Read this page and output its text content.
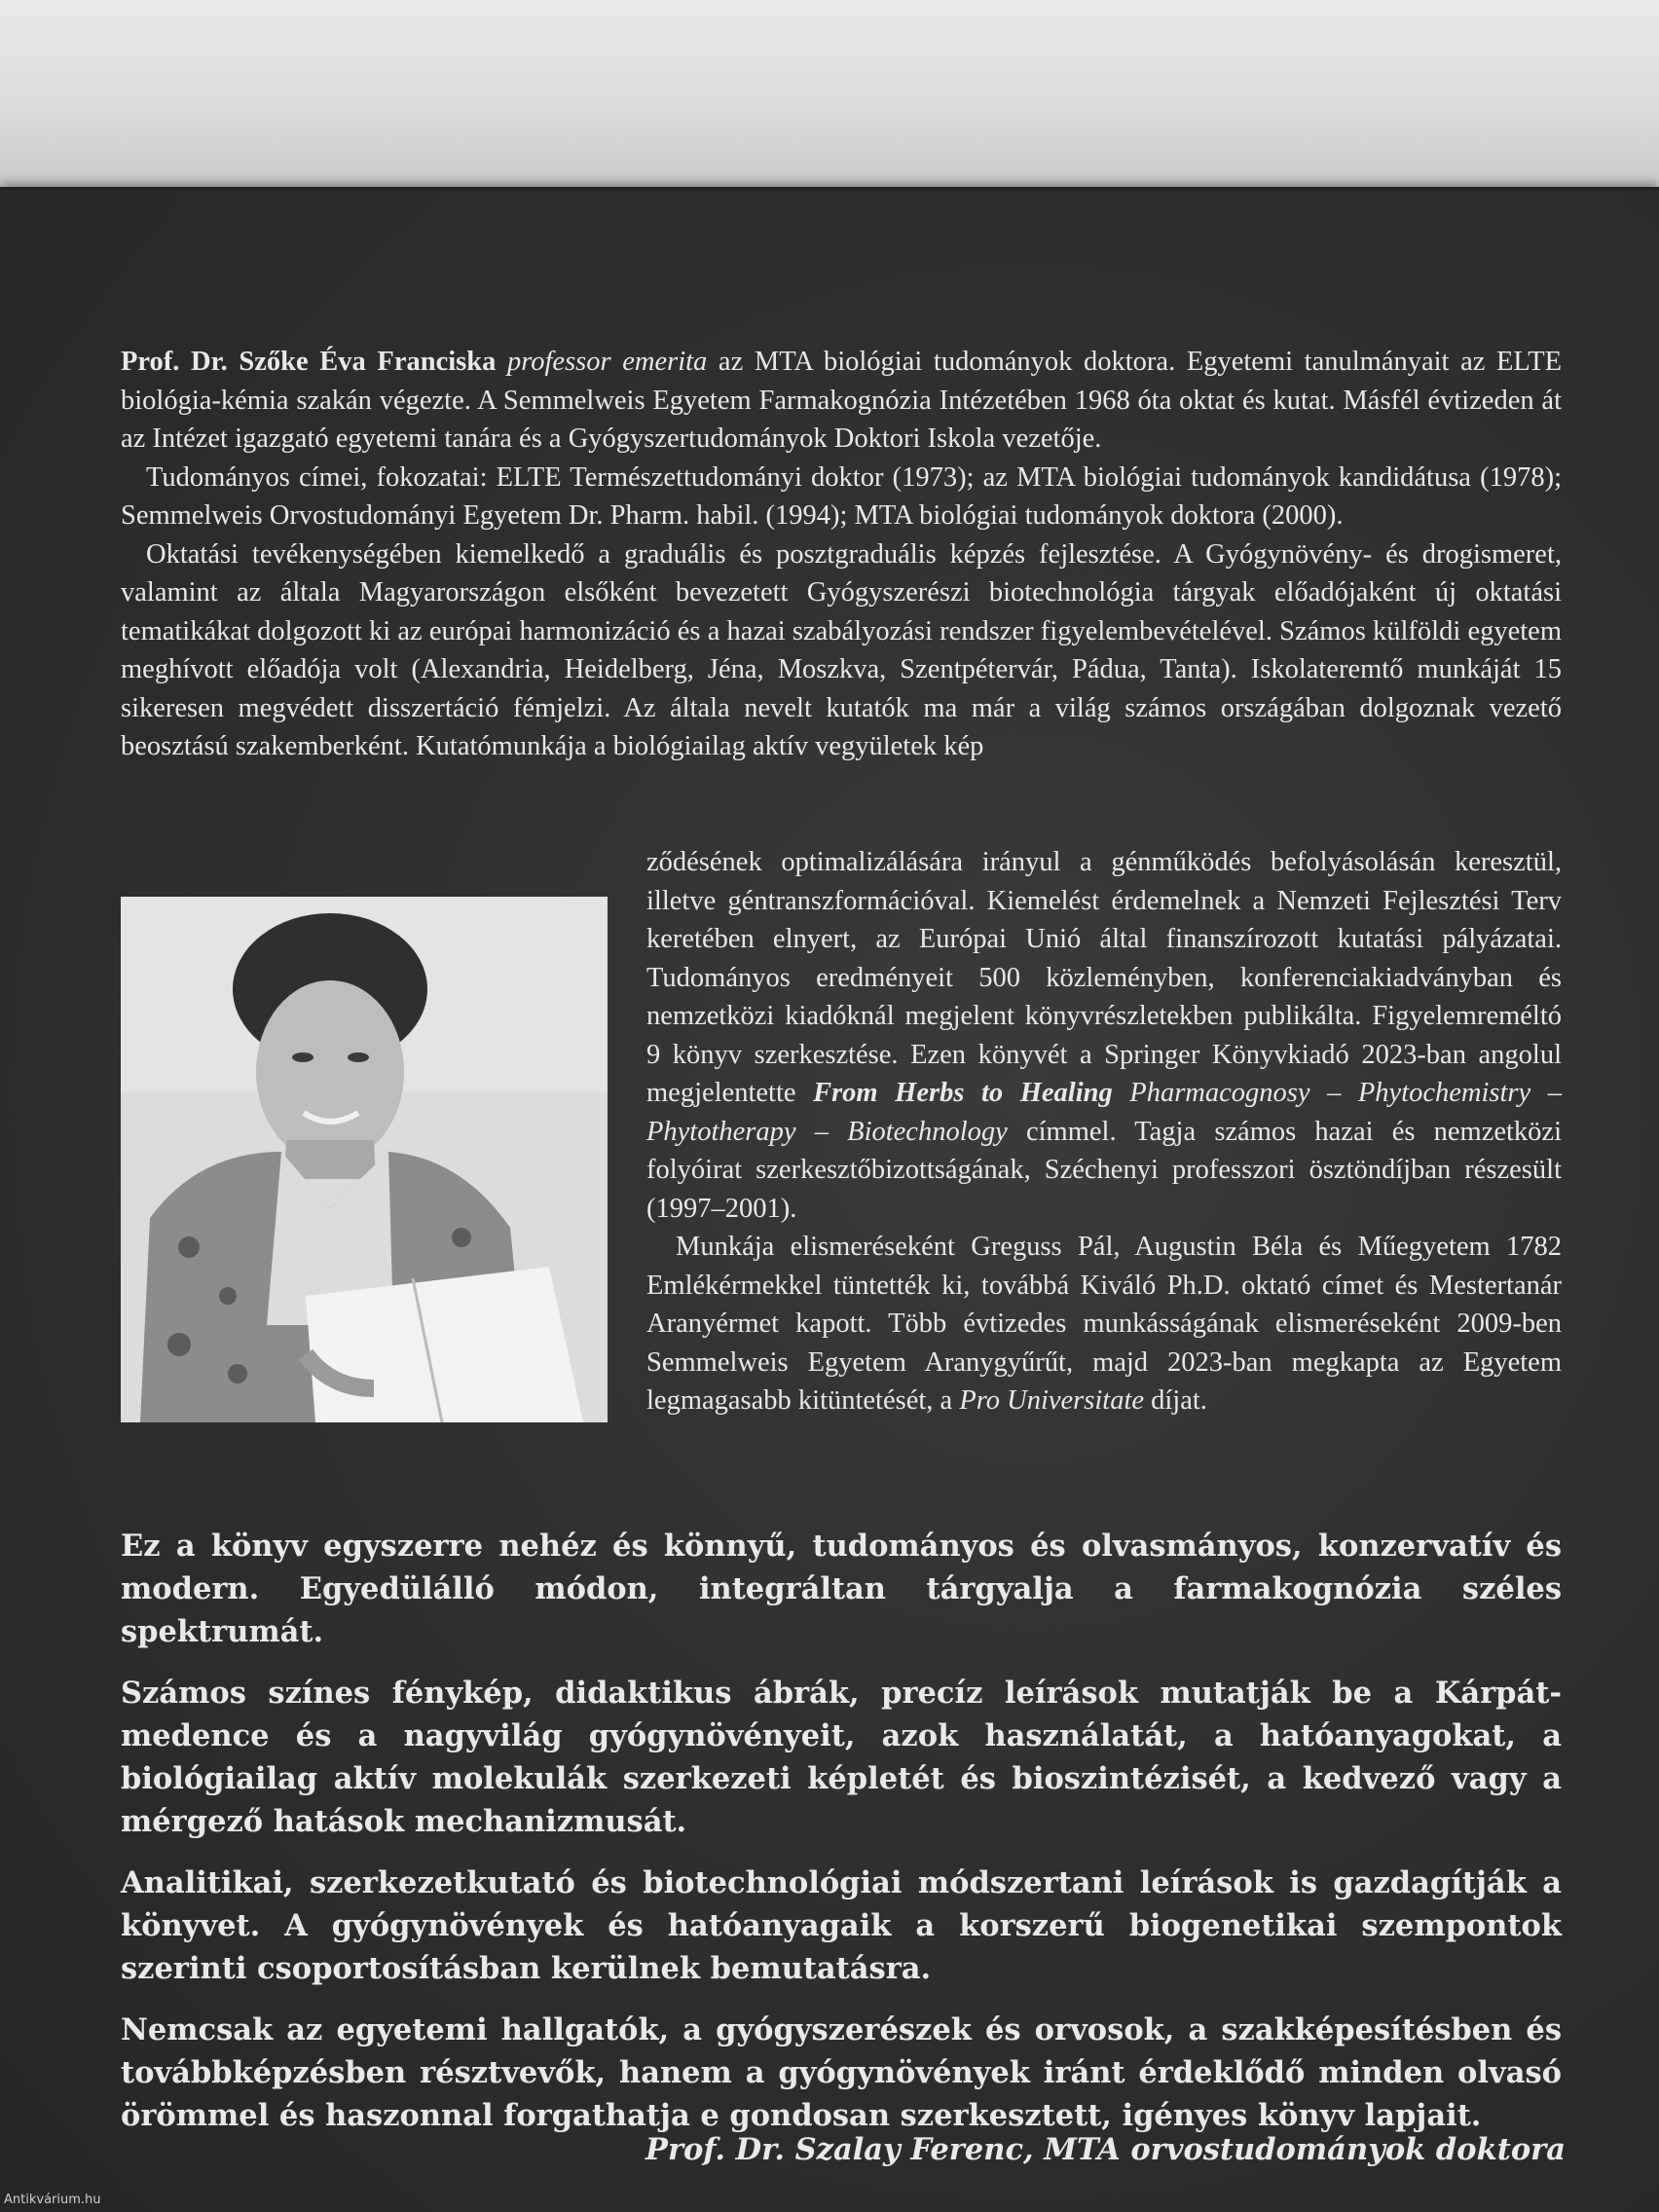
Prof. Dr. Szőke Éva Franciska professor emerita az MTA biológiai tudományok doktora. Egyetemi tanulmányait az ELTE biológia-kémia szakán végezte. A Semmelweis Egyetem Farmakognózia Intézetében 1968 óta oktat és kutat. Másfél évtizeden át az Intézet igazgató egyetemi tanára és a Gyógyszertudományok Doktori Iskola vezetője.

Tudományos címei, fokozatai: ELTE Természettudományi doktor (1973); az MTA biológiai tudományok kandidátusa (1978); Semmelweis Orvostudományi Egyetem Dr. Pharm. habil. (1994); MTA biológiai tudományok doktora (2000).

Oktatási tevékenységében kiemelkedő a graduális és posztgraduális képzés fejlesztése. A Gyógynövény- és drogismeret, valamint az általa Magyarországon elsőként bevezetett Gyógyszerészi biotechnológia tárgyak előadójaként új oktatási tematikákat dolgozott ki az európai harmonizáció és a hazai szabályozási rendszer figyelembevételével. Számos külföldi egyetem meghívott előadója volt (Alexandria, Heidelberg, Jéna, Moszkva, Szentpétervár, Pádua, Tanta). Iskolateremtő munkáját 15 sikeresen megvédett disszertáció fémjelzi. Az általa nevelt kutatók ma már a világ számos országában dolgoznak vezető beosztású szakemberként. Kutatómunkája a biológiailag aktív vegyületek kép

ződésének optimalizálására irányul a génműködés befolyásolásán keresztül, illetve géntranszformációval. Kiemelést érdemelnek a Nemzeti Fejlesztési Terv keretében elnyert, az Európai Unió által finanszírozott kutatási pályázatai. Tudományos eredményeit 500 közleményben, konferenciakiadványban és nemzetközi kiadóknál megjelent könyvrészletekben publikálta. Figyelemreméltó 9 könyv szerkesztése. Ezen könyvét a Springer Könyvkiadó 2023-ban angolul megjelentette From Herbs to Healing Pharmacognosy – Phytochemistry – Phytotherapy – Biotechnology címmel. Tagja számos hazai és nemzetközi folyóirat szerkesztőbizottságának, Széchenyi professzori ösztöndíjban részesült (1997–2001).

Munkája elismeréseként Greguss Pál, Augustin Béla és Műegyetem 1782 Emlékérmekkel tüntették ki, továbbá Kiváló Ph.D. oktató címet és Mestertanár Aranyérmet kapott. Több évtizedes munkásságának elismeréseként 2009-ben Semmelweis Egyetem Aranygyűrűt, majd 2023-ban megkapta az Egyetem legmagasabb kitüntetését, a Pro Universitate díjat.

Ez a könyv egyszerre nehéz és könnyű, tudományos és olvasmányos, konzervatív és modern. Egyedülálló módon, integráltan tárgyalja a farmakognózia széles spektrumát.

Számos színes fénykép, didaktikus ábrák, precíz leírások mutatják be a Kárpát-medence és a nagyvilág gyógynövényeit, azok használatát, a hatóanyagokat, a biológiailag aktív molekulák szerkezeti képletét és bioszintézisét, a kedvező vagy a mérgező hatások mechanizmusát.

Analitikai, szerkezetkutató és biotechnológiai módszertani leírások is gazdagítják a könyvet. A gyógynövények és hatóanyagaik a korszerű biogenetikai szempontok szerinti csoportosításban kerülnek bemutatásra.

Nemcsak az egyetemi hallgatók, a gyógyszerészek és orvosok, a szakképesítésben és továbbképzésben résztvevők, hanem a gyógynövények iránt érdeklődő minden olvasó örömmel és haszonnal forgathatja e gondosan szerkesztett, igényes könyv lapjait.

Prof. Dr. Szalay Ferenc, MTA orvostudományok doktora
Antikvárium.hu
